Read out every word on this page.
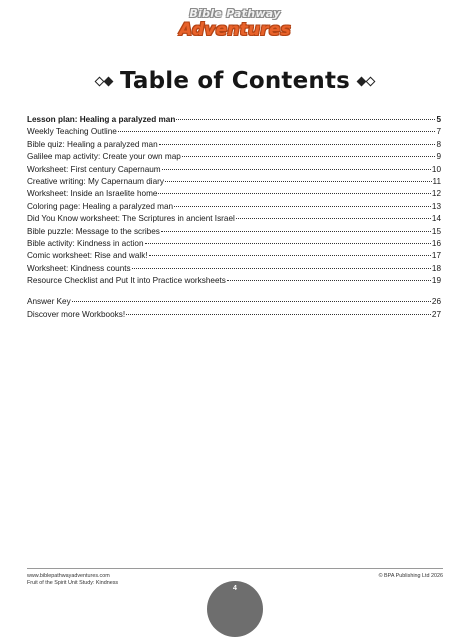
Bible Pathway
Adventures
Table of Contents
Lesson plan: Healing a paralyzed man	5
Weekly Teaching Outline	7
Bible quiz: Healing a paralyzed man	8
Galilee map activity: Create your own map	9
Worksheet: First century Capernaum	10
Creative writing: My Capernaum diary	11
Worksheet: Inside an Israelite home	12
Coloring page: Healing a paralyzed man	13
Did You Know worksheet: The Scriptures in ancient Israel	14
Bible puzzle: Message to the scribes	15
Bible activity: Kindness in action	16
Comic worksheet: Rise and walk!	17
Worksheet: Kindness counts	18
Resource Checklist and Put It into Practice worksheets	19
Answer Key	26
Discover more Workbooks!	27
www.biblepathwayadventures.com
Fruit of the Spirit Unit Study: Kindness
© BPA Publishing Ltd 2026
4
